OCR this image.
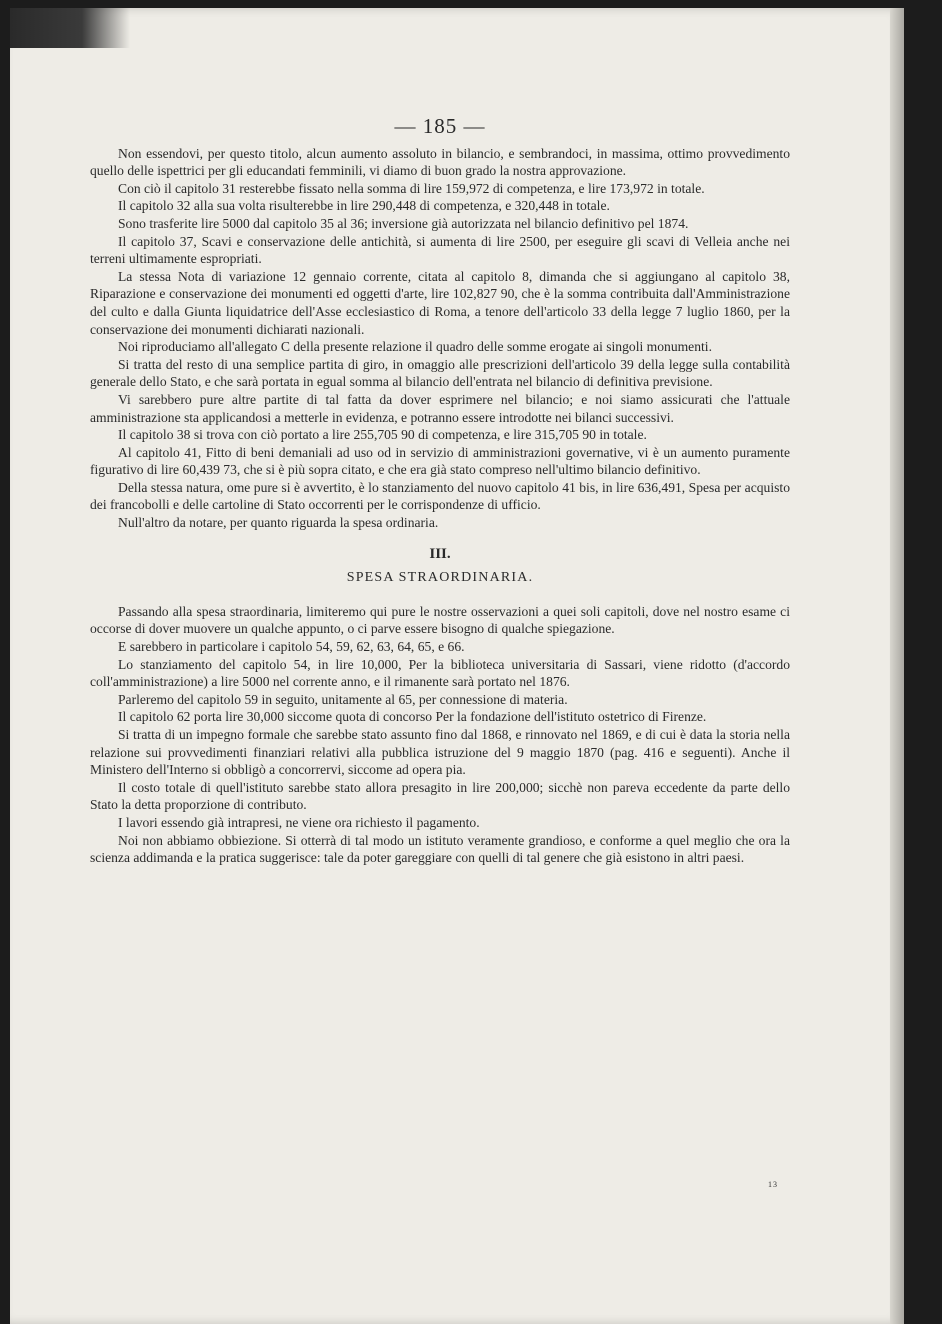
— 185 —

Non essendovi, per questo titolo, alcun aumento assoluto in bilancio, e sembrandoci, in massima, ottimo provvedimento quello delle ispettrici per gli educandati femminili, vi diamo di buon grado la nostra approvazione.

Con ciò il capitolo 31 resterebbe fissato nella somma di lire 159,972 di competenza, e lire 173,972 in totale.

Il capitolo 32 alla sua volta risulterebbe in lire 290,448 di competenza, e 320,448 in totale.

Sono trasferite lire 5000 dal capitolo 35 al 36; inversione già autorizzata nel bilancio definitivo pel 1874.

Il capitolo 37, Scavi e conservazione delle antichità, si aumenta di lire 2500, per eseguire gli scavi di Velleia anche nei terreni ultimamente espropriati.

La stessa Nota di variazione 12 gennaio corrente, citata al capitolo 8, dimanda che si aggiungano al capitolo 38, Riparazione e conservazione dei monumenti ed oggetti d'arte, lire 102,827 90, che è la somma contribuita dall'Amministrazione del culto e dalla Giunta liquidatrice dell'Asse ecclesiastico di Roma, a tenore dell'articolo 33 della legge 7 luglio 1860, per la conservazione dei monumenti dichiarati nazionali.

Noi riproduciamo all'allegato C della presente relazione il quadro delle somme erogate ai singoli monumenti.

Si tratta del resto di una semplice partita di giro, in omaggio alle prescrizioni dell'articolo 39 della legge sulla contabilità generale dello Stato, e che sarà portata in egual somma al bilancio dell'entrata nel bilancio di definitiva previsione.

Vi sarebbero pure altre partite di tal fatta da dover esprimere nel bilancio; e noi siamo assicurati che l'attuale amministrazione sta applicandosi a metterle in evidenza, e potranno essere introdotte nei bilanci successivi.

Il capitolo 38 si trova con ciò portato a lire 255,705 90 di competenza, e lire 315,705 90 in totale.

Al capitolo 41, Fitto di beni demaniali ad uso od in servizio di amministrazioni governative, vi è un aumento puramente figurativo di lire 60,439 73, che si è più sopra citato, e che era già stato compreso nell'ultimo bilancio definitivo.

Della stessa natura, ome pure si è avvertito, è lo stanziamento del nuovo capitolo 41 bis, in lire 636,491, Spesa per acquisto dei francobolli e delle cartoline di Stato occorrenti per le corrispondenze di ufficio.

Null'altro da notare, per quanto riguarda la spesa ordinaria.

III.
SPESA STRAORDINARIA.

Passando alla spesa straordinaria, limiteremo qui pure le nostre osservazioni a quei soli capitoli, dove nel nostro esame ci occorse di dover muovere un qualche appunto, o ci parve essere bisogno di qualche spiegazione.

E sarebbero in particolare i capitolo 54, 59, 62, 63, 64, 65, e 66.

Lo stanziamento del capitolo 54, in lire 10,000, Per la biblioteca universitaria di Sassari, viene ridotto (d'accordo coll'amministrazione) a lire 5000 nel corrente anno, e il rimanente sarà portato nel 1876.

Parleremo del capitolo 59 in seguito, unitamente al 65, per connessione di materia.

Il capitolo 62 porta lire 30,000 siccome quota di concorso Per la fondazione dell'istituto ostetrico di Firenze.

Si tratta di un impegno formale che sarebbe stato assunto fino dal 1868, e rinnovato nel 1869, e di cui è data la storia nella relazione sui provvedimenti finanziari relativi alla pubblica istruzione del 9 maggio 1870 (pag. 416 e seguenti). Anche il Ministero dell'Interno si obbligò a concorrervi, siccome ad opera pia.

Il costo totale di quell'istituto sarebbe stato allora presagito in lire 200,000; sicchè non pareva eccedente da parte dello Stato la detta proporzione di contributo.

I lavori essendo già intrapresi, ne viene ora richiesto il pagamento.

Noi non abbiamo obbiezione. Si otterrà di tal modo un istituto veramente grandioso, e conforme a quel meglio che ora la scienza addimanda e la pratica suggerisce: tale da poter gareggiare con quelli di tal genere che già esistono in altri paesi.

13
